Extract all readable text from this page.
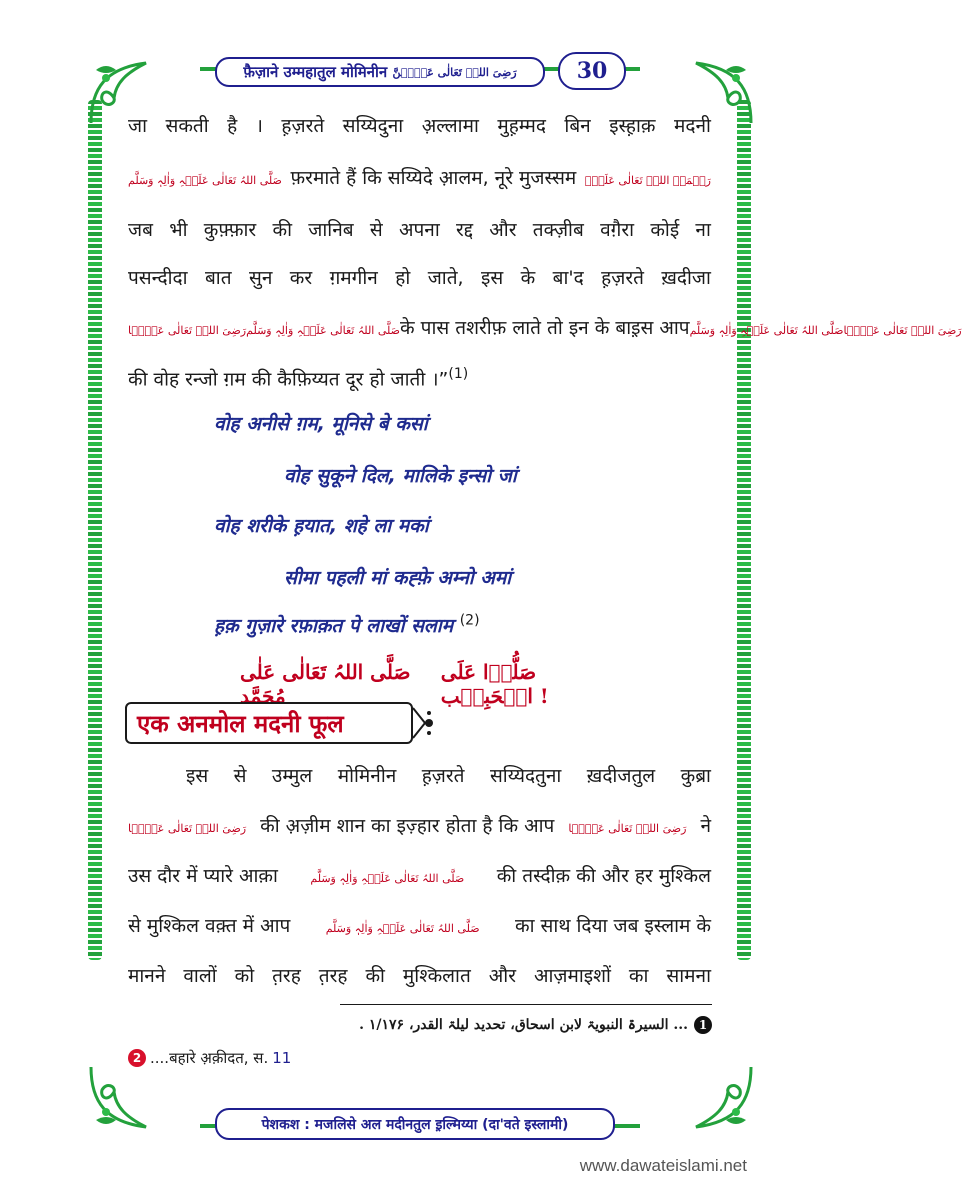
फ़ैज़ाने उम्महातुल मोमिनीन
رَضِیَ اللہُ تَعَالٰی عَنۡہُنَّ	30
जा सकती है । ह़ज़रते सय्यिदुना अ़ल्लामा मुह़म्मद बिन इस्ह़ाक़ मदनी
صَلَّی اللہُ تَعَالٰی عَلَیۡہِ وَاٰلِہٖ وَسَلَّم फ़रमाते हैं कि सय्यिदे आ़लम, नूरे मुजस्सम رَحۡمَۃُ اللہِ تَعَالٰی عَلَیۡہ
जब भी कुफ़्फ़ार की जानिब से अपना रद्द और तक्ज़ीब वग़ैरा कोई ना
पसन्दीदा बात सुन कर ग़मगीन हो जाते, इस के बा'द ह़ज़रते ख़दीजा
رَضِیَ اللہُ تَعَالٰی عَنۡہَا صَلَّی اللہُ تَعَالٰی عَلَیۡہِ وَاٰلِہٖ وَسَلَّم के पास तशरीफ़ लाते तो इन के बाइ़स आप صَلَّی اللہُ تَعَالٰی عَلَیۡہِ وَاٰلِہٖ وَسَلَّم رَضِیَ اللہُ تَعَالٰی عَنۡہَا
की वोह रन्जो ग़म की कैफ़िय्यत दूर हो जाती ।”$^{(1)}$
वोह अनीसे ग़म, मूनिसे बे कसां
वोह सुकूने दिल, मालिके इन्सो जां
वोह शरीके ह़यात, शहे ला मकां
सीमा पहली मां कह्फ़े अम्नो अमां
ह़क़ गुज़ारे रफ़ाक़त पे लाखों सलाम $^{(2)}$
صَلَّی اللہُ تَعَالٰی عَلٰی مُحَمَّد
صَلُّوۡا عَلَی الۡحَبِیۡب !
एक अनमोल मदनी फूल
इस से उम्मुल मोमिनीन ह़ज़रते सय्यिदतुना ख़दीजतुल कुब्रा
رَضِیَ اللہُ تَعَالٰی عَنۡہَا की अ़ज़ीम शान का इज़्हार होता है कि आप رَضِیَ اللہُ تَعَالٰی عَنۡہَا ने
उस दौर में प्यारे आक़ा	صَلَّی اللہُ تَعَالٰی عَلَیۡہِ وَاٰلِہٖ وَسَلَّم की तस्दीक़ की और हर मुश्किल
से मुश्किल वक़्त में आप	صَلَّی اللہُ تَعَالٰی عَلَیۡہِ وَاٰلِہٖ وَسَلَّم का साथ दिया जब इस्लाम के
मानने वालों को त़रह त़रह की मुश्किलात और आज़माइशों का सामना
1
... السیرۃ النبویۃ لابن اسحاق، تحدید لیلۃ القدر، ۱/۱۷۶ .
2 ....बहारे अ़क़ीदत, स. 11
पेशकश : मजलिसे अल मदीनतुल इ़ल्मिय्या (दा'वते इस्लामी)
www.dawateislami.net
